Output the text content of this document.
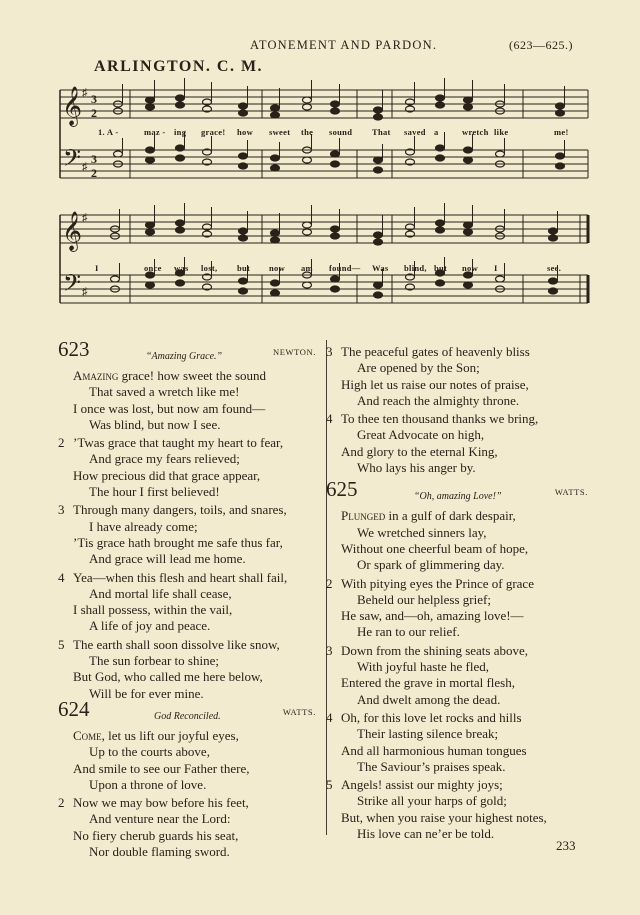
ATONEMENT AND PARDON.	(623—625.)
ARLINGTON. C. M.
𝄞
𝄢
♯
♯
3
2
3
2
1. A -	maz - ing grace! how sweet the sound That saved a	wretch like	me!
𝄞
𝄢
♯
♯
I	once was lost, but now am found— Was blind, but now I	see.
623	“Amazing Grace.”	NEWTON.
Amazing grace! how sweet the sound
That saved a wretch like me!
I once was lost, but now am found—
Was blind, but now I see.
2 ’Twas grace that taught my heart to fear,
And grace my fears relieved;
How precious did that grace appear,
The hour I first believed!
3 Through many dangers, toils, and snares,
I have already come;
’Tis grace hath brought me safe thus far,
And grace will lead me home.
4 Yea—when this flesh and heart shall fail,
And mortal life shall cease,
I shall possess, within the vail,
A life of joy and peace.
5 The earth shall soon dissolve like snow,
The sun forbear to shine;
But God, who called me here below,
Will be for ever mine.
624	God Reconciled.	WATTS.
Come, let us lift our joyful eyes,
Up to the courts above,
And smile to see our Father there,
Upon a throne of love.
2 Now we may bow before his feet,
And venture near the Lord:
No fiery cherub guards his seat,
Nor double flaming sword.
3 The peaceful gates of heavenly bliss
Are opened by the Son;
High let us raise our notes of praise,
And reach the almighty throne.
4 To thee ten thousand thanks we bring,
Great Advocate on high,
And glory to the eternal King,
Who lays his anger by.
625	“Oh, amazing Love!”	WATTS.
Plunged in a gulf of dark despair,
We wretched sinners lay,
Without one cheerful beam of hope,
Or spark of glimmering day.
2 With pitying eyes the Prince of grace
Beheld our helpless grief;
He saw, and—oh, amazing love!—
He ran to our relief.
3 Down from the shining seats above,
With joyful haste he fled,
Entered the grave in mortal flesh,
And dwelt among the dead.
4 Oh, for this love let rocks and hills
Their lasting silence break;
And all harmonious human tongues
The Saviour’s praises speak.
5 Angels! assist our mighty joys;
Strike all your harps of gold;
But, when you raise your highest notes,
His love can ne’er be told.
233
